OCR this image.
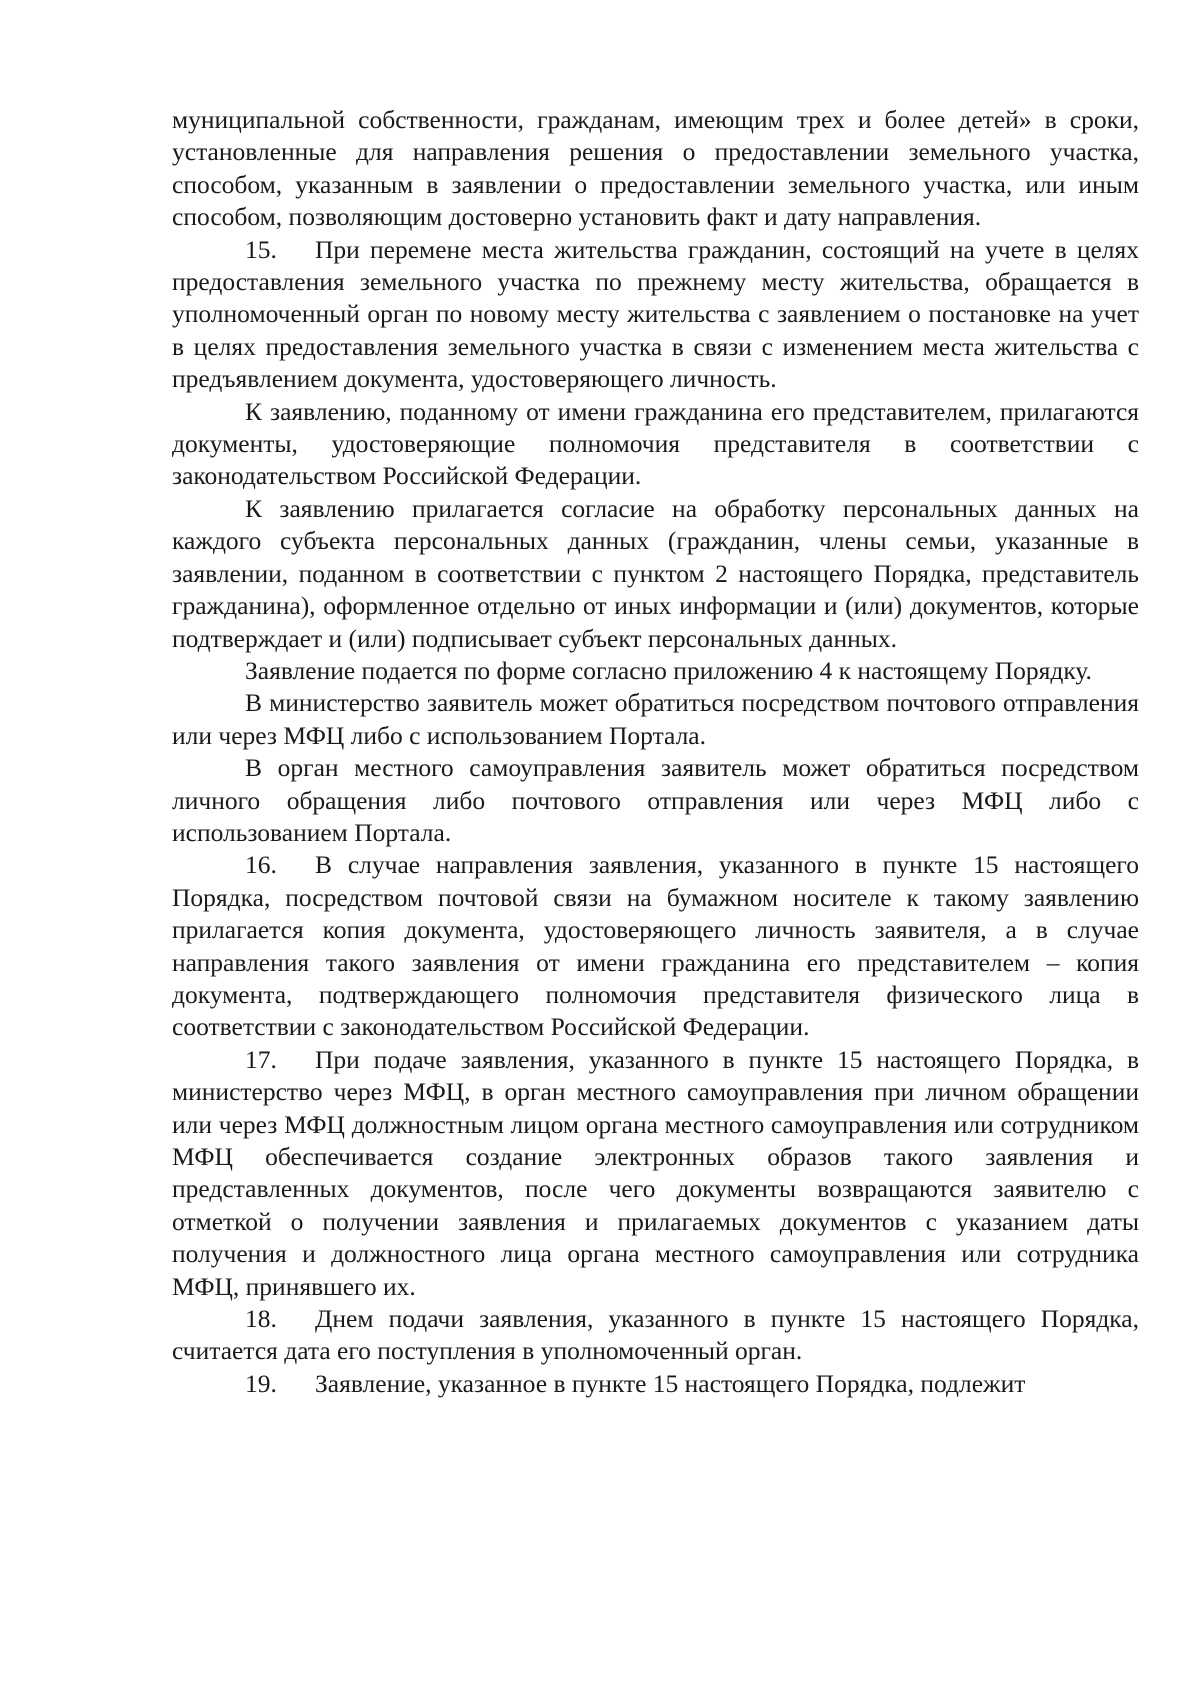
муниципальной собственности, гражданам, имеющим трех и более детей» в сроки, установленные для направления решения о предоставлении земельного участка, способом, указанным в заявлении о предоставлении земельного участка, или иным способом, позволяющим достоверно установить факт и дату направления.

15. При перемене места жительства гражданин, состоящий на учете в целях предоставления земельного участка по прежнему месту жительства, обращается в уполномоченный орган по новому месту жительства с заявлением о постановке на учет в целях предоставления земельного участка в связи с изменением места жительства с предъявлением документа, удостоверяющего личность.

К заявлению, поданному от имени гражданина его представителем, прилагаются документы, удостоверяющие полномочия представителя в соответствии с законодательством Российской Федерации.

К заявлению прилагается согласие на обработку персональных данных на каждого субъекта персональных данных (гражданин, члены семьи, указанные в заявлении, поданном в соответствии с пунктом 2 настоящего Порядка, представитель гражданина), оформленное отдельно от иных информации и (или) документов, которые подтверждает и (или) подписывает субъект персональных данных.

Заявление подается по форме согласно приложению 4 к настоящему Порядку.

В министерство заявитель может обратиться посредством почтового отправления или через МФЦ либо с использованием Портала.

В орган местного самоуправления заявитель может обратиться посредством личного обращения либо почтового отправления или через МФЦ либо с использованием Портала.

16. В случае направления заявления, указанного в пункте 15 настоящего Порядка, посредством почтовой связи на бумажном носителе к такому заявлению прилагается копия документа, удостоверяющего личность заявителя, а в случае направления такого заявления от имени гражданина его представителем – копия документа, подтверждающего полномочия представителя физического лица в соответствии с законодательством Российской Федерации.

17. При подаче заявления, указанного в пункте 15 настоящего Порядка, в министерство через МФЦ, в орган местного самоуправления при личном обращении или через МФЦ должностным лицом органа местного самоуправления или сотрудником МФЦ обеспечивается создание электронных образов такого заявления и представленных документов, после чего документы возвращаются заявителю с отметкой о получении заявления и прилагаемых документов с указанием даты получения и должностного лица органа местного самоуправления или сотрудника МФЦ, принявшего их.

18. Днем подачи заявления, указанного в пункте 15 настоящего Порядка, считается дата его поступления в уполномоченный орган.

19. Заявление, указанное в пункте 15 настоящего Порядка, подлежит
